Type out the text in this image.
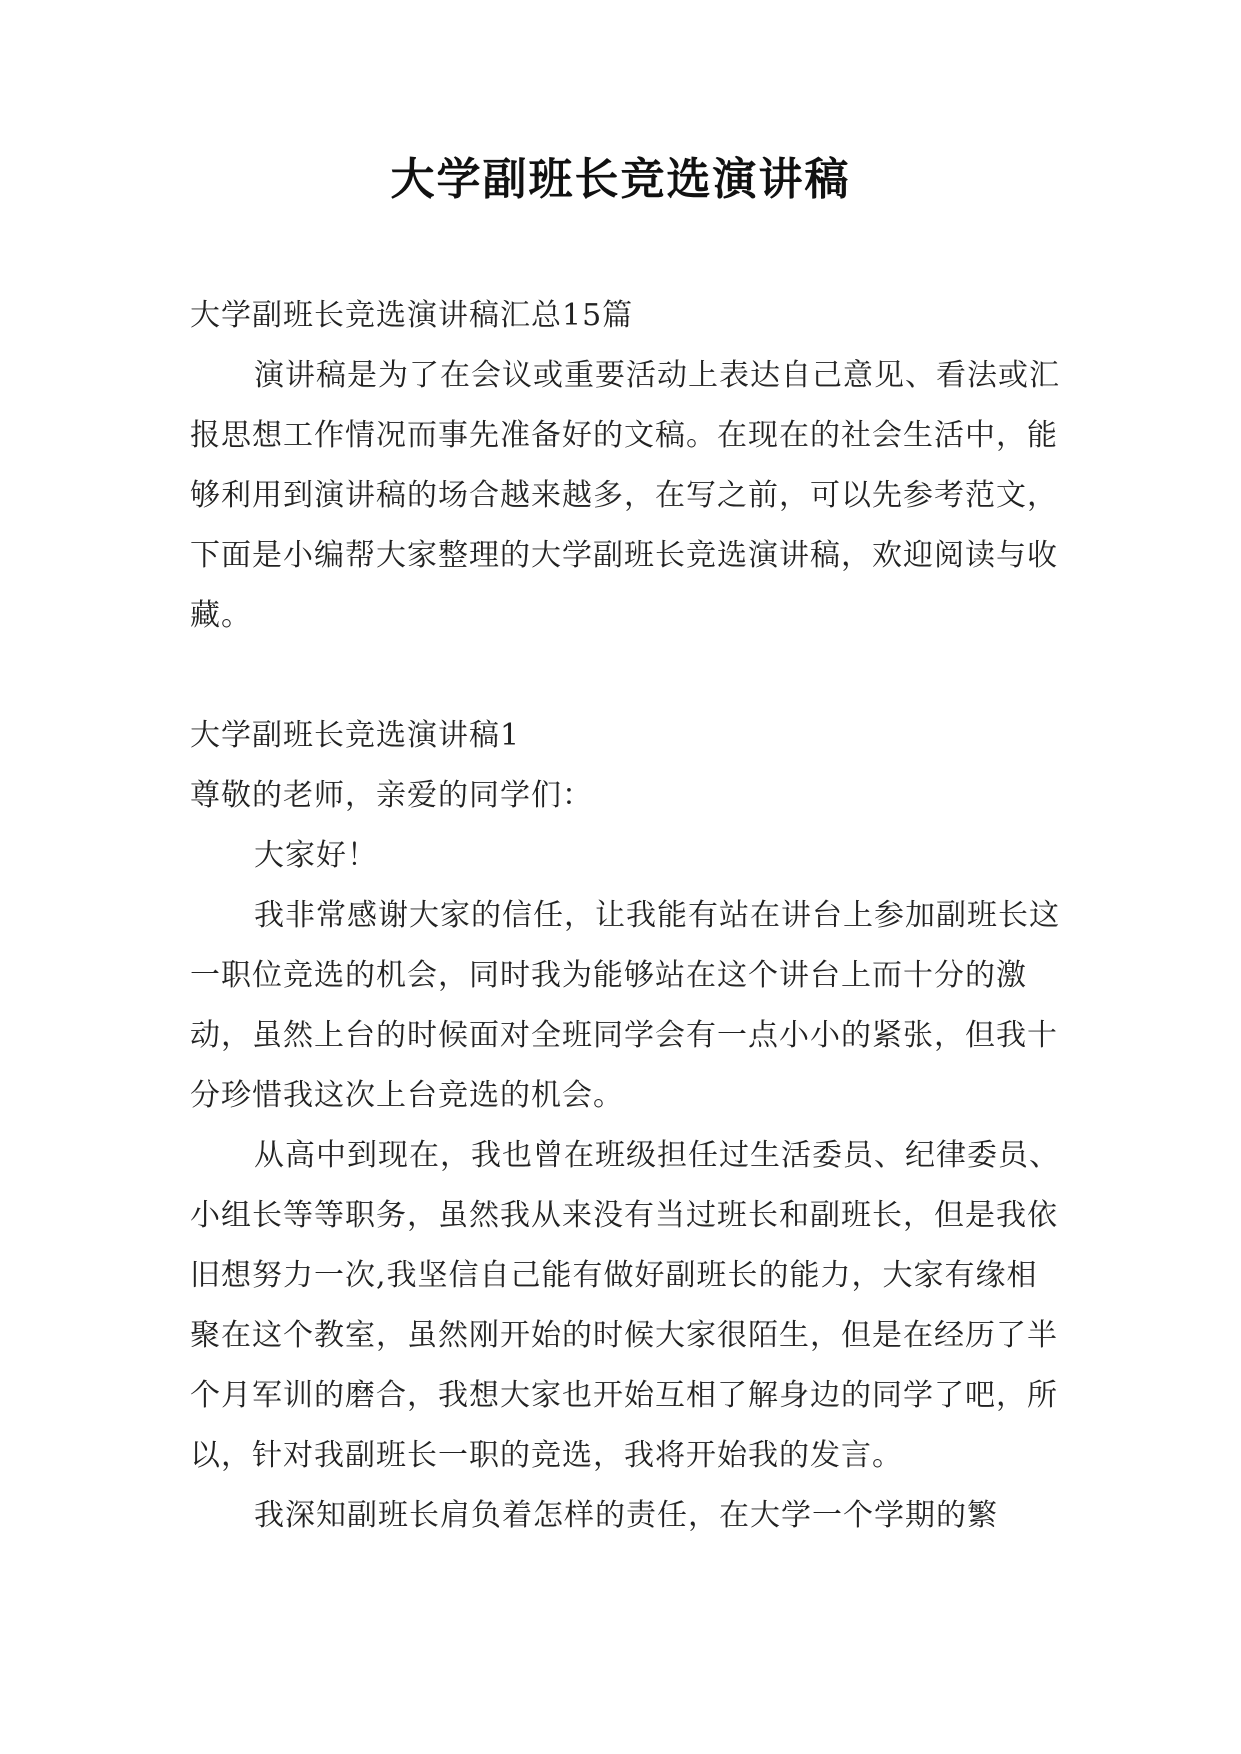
大学副班长竞选演讲稿

大学副班长竞选演讲稿汇总15篇

演讲稿是为了在会议或重要活动上表达自己意见、看法或汇报思想工作情况而事先准备好的文稿。在现在的社会生活中，能够利用到演讲稿的场合越来越多，在写之前，可以先参考范文，下面是小编帮大家整理的大学副班长竞选演讲稿，欢迎阅读与收藏。

大学副班长竞选演讲稿1

尊敬的老师，亲爱的同学们：

大家好！

我非常感谢大家的信任，让我能有站在讲台上参加副班长这一职位竞选的机会，同时我为能够站在这个讲台上而十分的激动，虽然上台的时候面对全班同学会有一点小小的紧张，但我十分珍惜我这次上台竞选的机会。

从高中到现在，我也曾在班级担任过生活委员、纪律委员、小组长等等职务，虽然我从来没有当过班长和副班长，但是我依旧想努力一次,我坚信自己能有做好副班长的能力，大家有缘相聚在这个教室，虽然刚开始的时候大家很陌生，但是在经历了半个月军训的磨合，我想大家也开始互相了解身边的同学了吧，所以，针对我副班长一职的竞选，我将开始我的发言。

我深知副班长肩负着怎样的责任，在大学一个学期的繁
